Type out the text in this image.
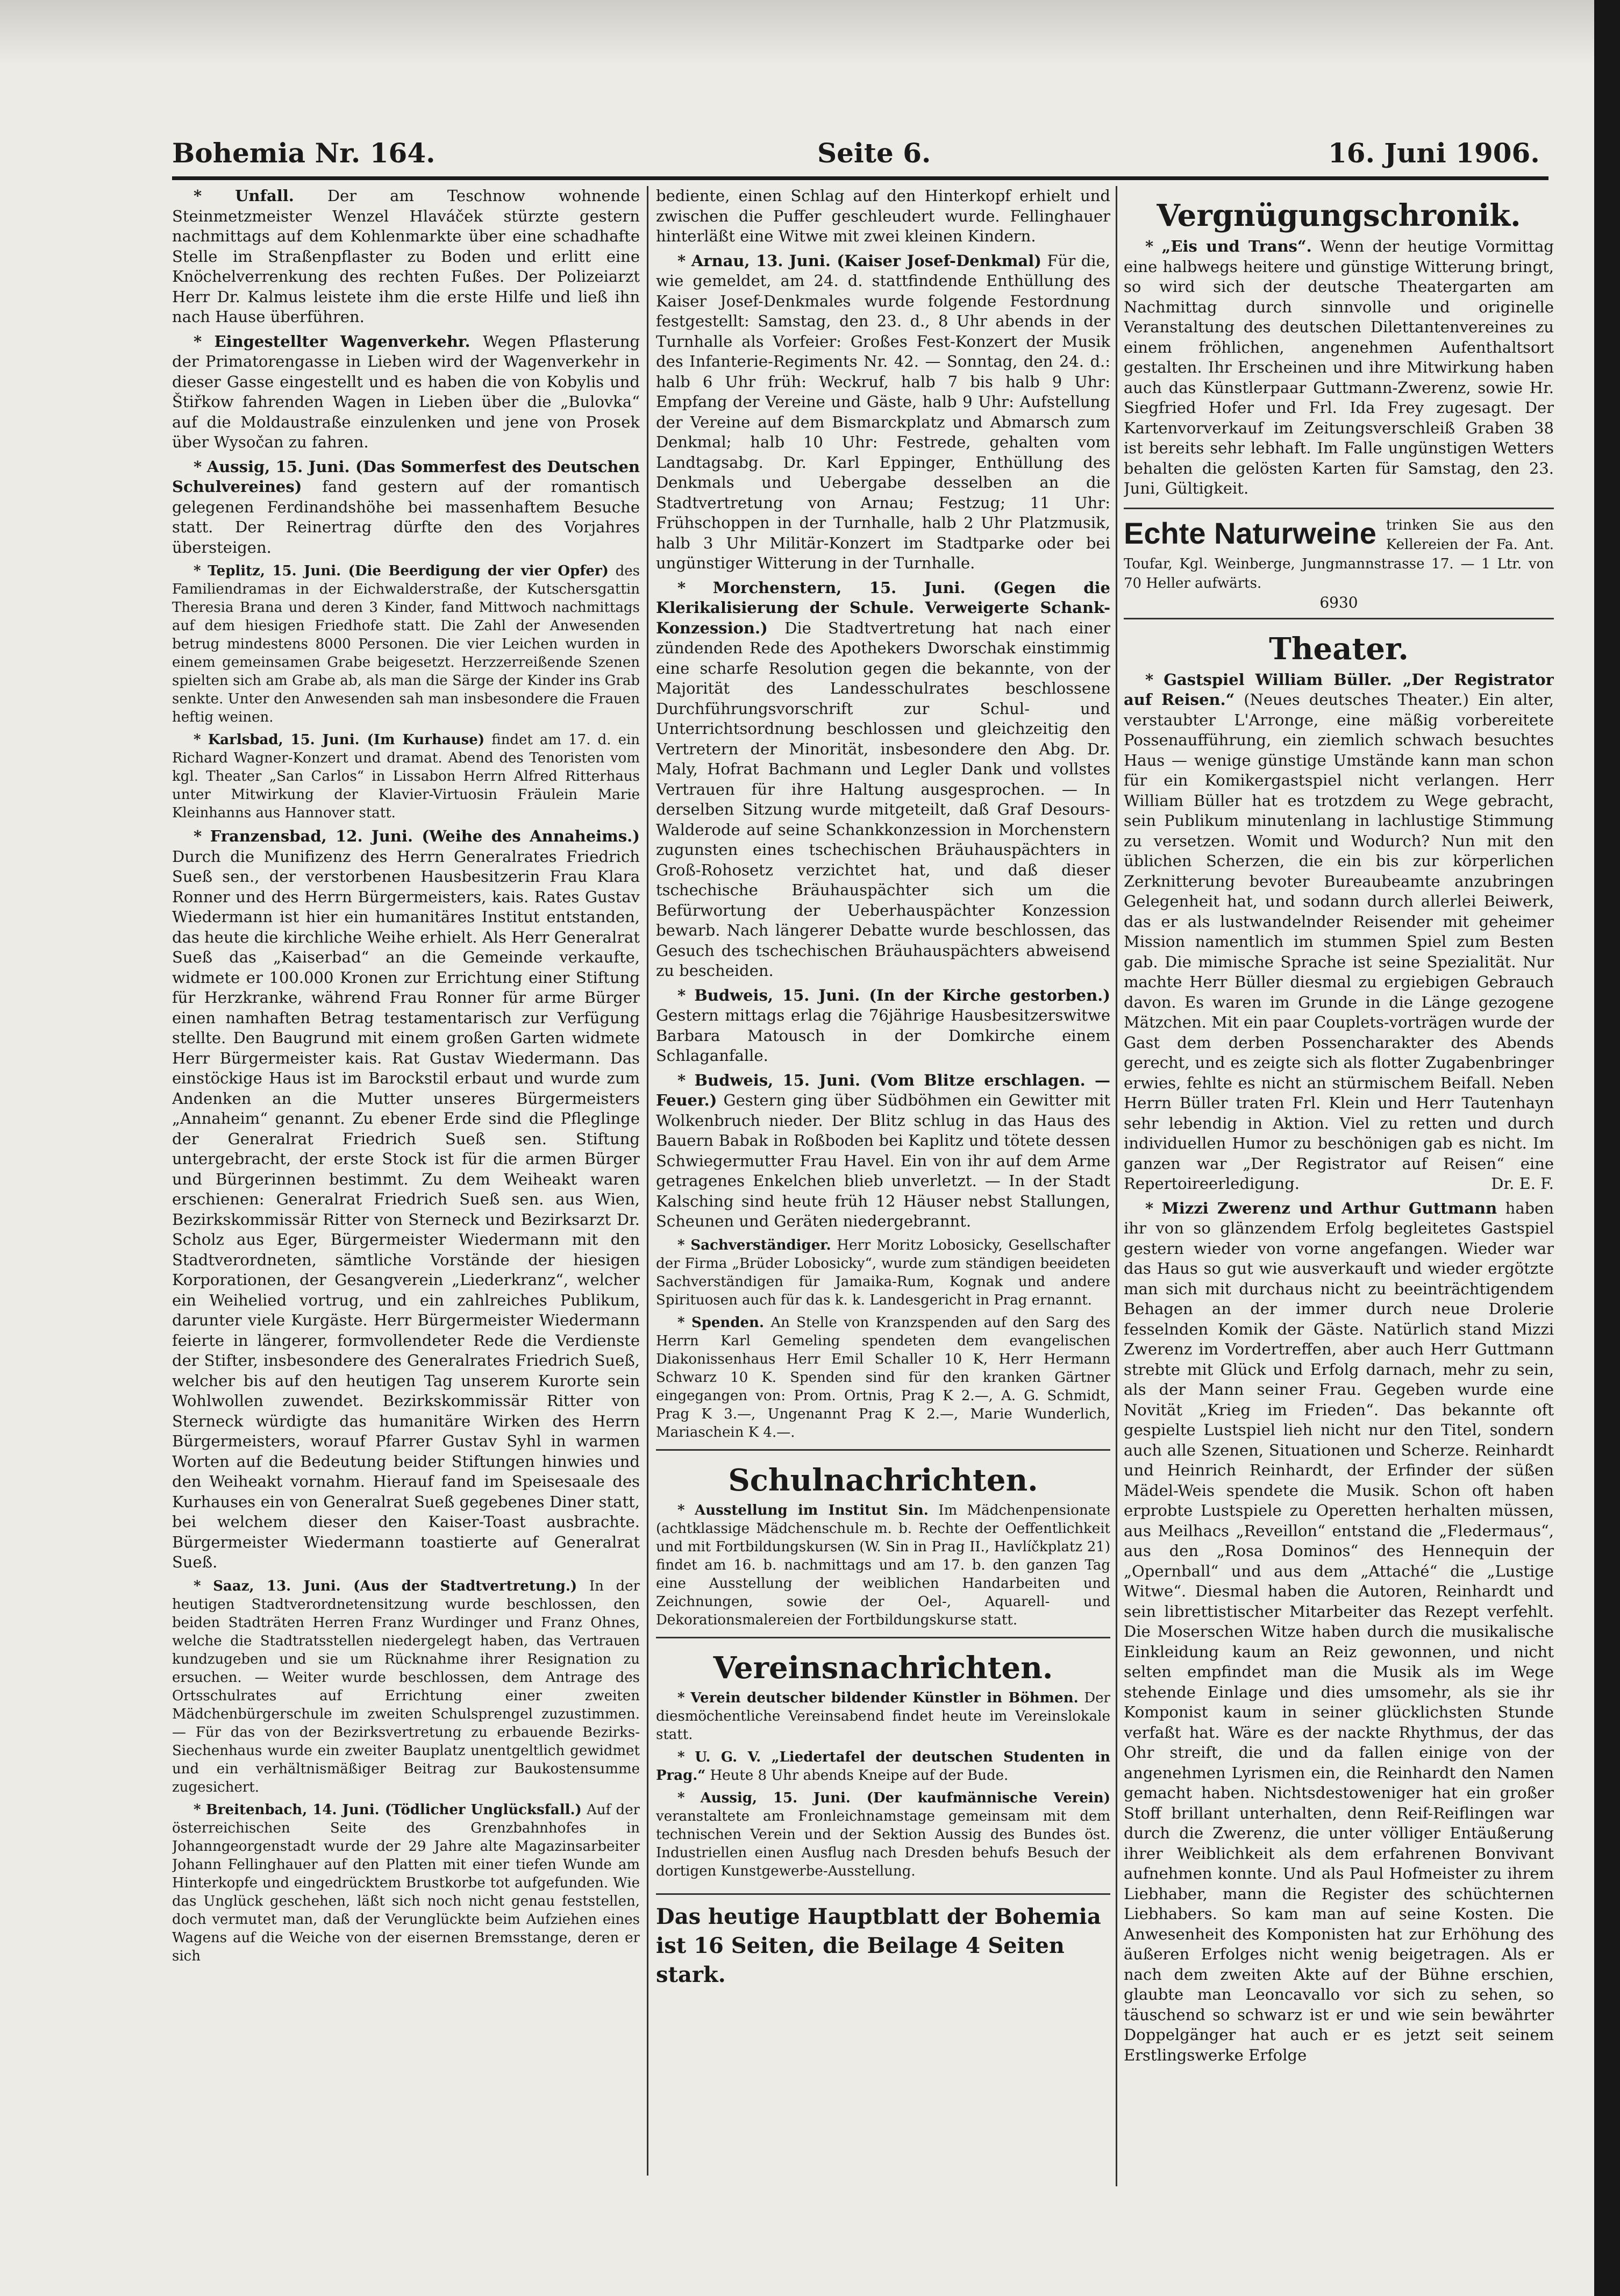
Bohemia Nr. 164.	Seite 6.	16. Juni 1906.

* Unfall. Der am Teschnow wohnende Steinmetzmeister Wenzel Hlaváček stürzte gestern nachmittags auf dem Kohlenmarkte über eine schadhafte Stelle im Straßenpflaster zu Boden und erlitt eine Knöchelverrenkung des rechten Fußes. Der Polizeiarzt Herr Dr. Kalmus leistete ihm die erste Hilfe und ließ ihn nach Hause überführen.

* Eingestellter Wagenverkehr. Wegen Pflasterung der Primatorengasse in Lieben wird der Wagenverkehr in dieser Gasse eingestellt und es haben die von Kobylis und Štiřkow fahrenden Wagen in Lieben über die „Bulovka“ auf die Moldaustraße einzulenken und jene von Prosek über Wysočan zu fahren.

* Aussig, 15. Juni. (Das Sommerfest des Deutschen Schulvereines) fand gestern auf der romantisch gelegenen Ferdinandshöhe bei massenhaftem Besuche statt. Der Reinertrag dürfte den des Vorjahres übersteigen.

* Teplitz, 15. Juni. (Die Beerdigung der vier Opfer) des Familiendramas in der Eichwalderstraße, der Kutschersgattin Theresia Brana und deren 3 Kinder, fand Mittwoch nachmittags auf dem hiesigen Friedhofe statt. Die Zahl der Anwesenden betrug mindestens 8000 Personen. Die vier Leichen wurden in einem gemeinsamen Grabe beigesetzt. Herzzerreißende Szenen spielten sich am Grabe ab, als man die Särge der Kinder ins Grab senkte. Unter den Anwesenden sah man insbesondere die Frauen heftig weinen.

* Karlsbad, 15. Juni. (Im Kurhause) findet am 17. d. ein Richard Wagner-Konzert und dramat. Abend des Tenoristen vom kgl. Theater „San Carlos“ in Lissabon Herrn Alfred Ritterhaus unter Mitwirkung der Klavier-Virtuosin Fräulein Marie Kleinhanns aus Hannover statt.

* Franzensbad, 12. Juni. (Weihe des Annaheims.) Durch die Munifizenz des Herrn Generalrates Friedrich Sueß sen., der verstorbenen Hausbesitzerin Frau Klara Ronner und des Herrn Bürgermeisters, kais. Rates Gustav Wiedermann ist hier ein humanitäres Institut entstanden, das heute die kirchliche Weihe erhielt. Als Herr Generalrat Sueß das „Kaiserbad“ an die Gemeinde verkaufte, widmete er 100.000 Kronen zur Errichtung einer Stiftung für Herzkranke, während Frau Ronner für arme Bürger einen namhaften Betrag testamentarisch zur Verfügung stellte. Den Baugrund mit einem großen Garten widmete Herr Bürgermeister kais. Rat Gustav Wiedermann. Das einstöckige Haus ist im Barockstil erbaut und wurde zum Andenken an die Mutter unseres Bürgermeisters „Annaheim“ genannt. Zu ebener Erde sind die Pfleglinge der Generalrat Friedrich Sueß sen. Stiftung untergebracht, der erste Stock ist für die armen Bürger und Bürgerinnen bestimmt. Zu dem Weiheakt waren erschienen: Generalrat Friedrich Sueß sen. aus Wien, Bezirkskommissär Ritter von Sterneck und Bezirksarzt Dr. Scholz aus Eger, Bürgermeister Wiedermann mit den Stadtverordneten, sämtliche Vorstände der hiesigen Korporationen, der Gesangverein „Liederkranz“, welcher ein Weihelied vortrug, und ein zahlreiches Publikum, darunter viele Kurgäste. Herr Bürgermeister Wiedermann feierte in längerer, formvollendeter Rede die Verdienste der Stifter, insbesondere des Generalrates Friedrich Sueß, welcher bis auf den heutigen Tag unserem Kurorte sein Wohlwollen zuwendet. Bezirkskommissär Ritter von Sterneck würdigte das humanitäre Wirken des Herrn Bürgermeisters, worauf Pfarrer Gustav Syhl in warmen Worten auf die Bedeutung beider Stiftungen hinwies und den Weiheakt vornahm. Hierauf fand im Speisesaale des Kurhauses ein von Generalrat Sueß gegebenes Diner statt, bei welchem dieser den Kaiser-Toast ausbrachte. Bürgermeister Wiedermann toastierte auf Generalrat Sueß.

* Saaz, 13. Juni. (Aus der Stadtvertretung.) In der heutigen Stadtverordnetensitzung wurde beschlossen, den beiden Stadträten Herren Franz Wurdinger und Franz Ohnes, welche die Stadtratsstellen niedergelegt haben, das Vertrauen kundzugeben und sie um Rücknahme ihrer Resignation zu ersuchen. — Weiter wurde beschlossen, dem Antrage des Ortsschulrates auf Errichtung einer zweiten Mädchenbürgerschule im zweiten Schulsprengel zuzustimmen. — Für das von der Bezirksvertretung zu erbauende Bezirks-Siechenhaus wurde ein zweiter Bauplatz unentgeltlich gewidmet und ein verhältnismäßiger Beitrag zur Baukostensumme zugesichert.

* Breitenbach, 14. Juni. (Tödlicher Unglücksfall.) Auf der österreichischen Seite des Grenzbahnhofes in Johanngeorgenstadt wurde der 29 Jahre alte Magazinsarbeiter Johann Fellinghauer auf den Platten mit einer tiefen Wunde am Hinterkopfe und eingedrücktem Brustkorbe tot aufgefunden. Wie das Unglück geschehen, läßt sich noch nicht genau feststellen, doch vermutet man, daß der Verunglückte beim Aufziehen eines Wagens auf die Weiche von der eisernen Bremsstange, deren er sich

bediente, einen Schlag auf den Hinterkopf erhielt und zwischen die Puffer geschleudert wurde. Fellinghauer hinterläßt eine Witwe mit zwei kleinen Kindern.

* Arnau, 13. Juni. (Kaiser Josef-Denkmal) Für die, wie gemeldet, am 24. d. stattfindende Enthüllung des Kaiser Josef-Denkmales wurde folgende Festordnung festgestellt: Samstag, den 23. d., 8 Uhr abends in der Turnhalle als Vorfeier: Großes Fest-Konzert der Musik des Infanterie-Regiments Nr. 42. — Sonntag, den 24. d.: halb 6 Uhr früh: Weckruf, halb 7 bis halb 9 Uhr: Empfang der Vereine und Gäste, halb 9 Uhr: Aufstellung der Vereine auf dem Bismarckplatz und Abmarsch zum Denkmal; halb 10 Uhr: Festrede, gehalten vom Landtagsabg. Dr. Karl Eppinger, Enthüllung des Denkmals und Uebergabe desselben an die Stadtvertretung von Arnau; Festzug; 11 Uhr: Frühschoppen in der Turnhalle, halb 2 Uhr Platzmusik, halb 3 Uhr Militär-Konzert im Stadtparke oder bei ungünstiger Witterung in der Turnhalle.

* Morchenstern, 15. Juni. (Gegen die Klerikalisierung der Schule. Verweigerte Schank-Konzession.) Die Stadtvertretung hat nach einer zündenden Rede des Apothekers Dworschak einstimmig eine scharfe Resolution gegen die bekannte, von der Majorität des Landesschulrates beschlossene Durchführungsvorschrift zur Schul- und Unterrichtsordnung beschlossen und gleichzeitig den Vertretern der Minorität, insbesondere den Abg. Dr. Maly, Hofrat Bachmann und Legler Dank und vollstes Vertrauen für ihre Haltung ausgesprochen. — In derselben Sitzung wurde mitgeteilt, daß Graf Desours-Walderode auf seine Schankkonzession in Morchenstern zugunsten eines tschechischen Bräuhauspächters in Groß-Rohosetz verzichtet hat, und daß dieser tschechische Bräuhauspächter sich um die Befürwortung der Ueberhauspächter Konzession bewarb. Nach längerer Debatte wurde beschlossen, das Gesuch des tschechischen Bräuhauspächters abweisend zu bescheiden.

* Budweis, 15. Juni. (In der Kirche gestorben.) Gestern mittags erlag die 76jährige Hausbesitzerswitwe Barbara Matousch in der Domkirche einem Schlaganfalle.

* Budweis, 15. Juni. (Vom Blitze erschlagen. — Feuer.) Gestern ging über Südböhmen ein Gewitter mit Wolkenbruch nieder. Der Blitz schlug in das Haus des Bauern Babak in Roßboden bei Kaplitz und tötete dessen Schwiegermutter Frau Havel. Ein von ihr auf dem Arme getragenes Enkelchen blieb unverletzt. — In der Stadt Kalsching sind heute früh 12 Häuser nebst Stallungen, Scheunen und Geräten niedergebrannt.

* Sachverständiger. Herr Moritz Lobosicky, Gesellschafter der Firma „Brüder Lobosicky“, wurde zum ständigen beeideten Sachverständigen für Jamaika-Rum, Kognak und andere Spirituosen auch für das k. k. Landesgericht in Prag ernannt.

* Spenden. An Stelle von Kranzspenden auf den Sarg des Herrn Karl Gemeling spendeten dem evangelischen Diakonissenhaus Herr Emil Schaller 10 K, Herr Hermann Schwarz 10 K. Spenden sind für den kranken Gärtner eingegangen von: Prom. Ortnis, Prag K 2.—, A. G. Schmidt, Prag K 3.—, Ungenannt Prag K 2.—, Marie Wunderlich, Mariaschein K 4.—.

Schulnachrichten.

* Ausstellung im Institut Sin. Im Mädchenpensionate (achtklassige Mädchenschule m. b. Rechte der Oeffentlichkeit und mit Fortbildungskursen (W. Sin in Prag II., Havlíčkplatz 21) findet am 16. b. nachmittags und am 17. b. den ganzen Tag eine Ausstellung der weiblichen Handarbeiten und Zeichnungen, sowie der Oel-, Aquarell- und Dekorationsmalereien der Fortbildungskurse statt.

Vereinsnachrichten.

* Verein deutscher bildender Künstler in Böhmen. Der diesmöchentliche Vereinsabend findet heute im Vereinslokale statt.

* U. G. V. „Liedertafel der deutschen Studenten in Prag.“ Heute 8 Uhr abends Kneipe auf der Bude.

* Aussig, 15. Juni. (Der kaufmännische Verein) veranstaltete am Fronleichnamstage gemeinsam mit dem technischen Verein und der Sektion Aussig des Bundes öst. Industriellen einen Ausflug nach Dresden behufs Besuch der dortigen Kunstgewerbe-Ausstellung.

Das heutige Hauptblatt der Bohemia ist 16 Seiten, die Beilage 4 Seiten stark.
Vergnügungschronik.

* „Eis und Trans“. Wenn der heutige Vormittag eine halbwegs heitere und günstige Witterung bringt, so wird sich der deutsche Theatergarten am Nachmittag durch sinnvolle und originelle Veranstaltung des deutschen Dilettantenvereines zu einem fröhlichen, angenehmen Aufenthaltsort gestalten. Ihr Erscheinen und ihre Mitwirkung haben auch das Künstlerpaar Guttmann-Zwerenz, sowie Hr. Siegfried Hofer und Frl. Ida Frey zugesagt. Der Kartenvorverkauf im Zeitungsverschleiß Graben 38 ist bereits sehr lebhaft. Im Falle ungünstigen Wetters behalten die gelösten Karten für Samstag, den 23. Juni, Gültigkeit.

Echte Naturweine trinken Sie aus den Kellereien der Fa. Ant. Toufar, Kgl. Weinberge, Jungmannstrasse 17. — 1 Ltr. von 70 Heller aufwärts.
6930
Theater.

* Gastspiel William Büller. „Der Registrator auf Reisen.“ (Neues deutsches Theater.) Ein alter, verstaubter L'Arronge, eine mäßig vorbereitete Possenaufführung, ein ziemlich schwach besuchtes Haus — wenige günstige Umstände kann man schon für ein Komikergastspiel nicht verlangen. Herr William Büller hat es trotzdem zu Wege gebracht, sein Publikum minutenlang in lachlustige Stimmung zu versetzen. Womit und Wodurch? Nun mit den üblichen Scherzen, die ein bis zur körperlichen Zerknitterung bevoter Bureaubeamte anzubringen Gelegenheit hat, und sodann durch allerlei Beiwerk, das er als lustwandelnder Reisender mit geheimer Mission namentlich im stummen Spiel zum Besten gab. Die mimische Sprache ist seine Spezialität. Nur machte Herr Büller diesmal zu ergiebigen Gebrauch davon. Es waren im Grunde in die Länge gezogene Mätzchen. Mit ein paar Couplets-vorträgen wurde der Gast dem derben Possencharakter des Abends gerecht, und es zeigte sich als flotter Zugabenbringer erwies, fehlte es nicht an stürmischem Beifall. Neben Herrn Büller traten Frl. Klein und Herr Tautenhayn sehr lebendig in Aktion. Viel zu retten und durch individuellen Humor zu beschönigen gab es nicht. Im ganzen war „Der Registrator auf Reisen“ eine Repertoireerledigung.	Dr. E. F.

* Mizzi Zwerenz und Arthur Guttmann haben ihr von so glänzendem Erfolg begleitetes Gastspiel gestern wieder von vorne angefangen. Wieder war das Haus so gut wie ausverkauft und wieder ergötzte man sich mit durchaus nicht zu beeinträchtigendem Behagen an der immer durch neue Drolerie fesselnden Komik der Gäste. Natürlich stand Mizzi Zwerenz im Vordertreffen, aber auch Herr Guttmann strebte mit Glück und Erfolg darnach, mehr zu sein, als der Mann seiner Frau. Gegeben wurde eine Novität „Krieg im Frieden“. Das bekannte oft gespielte Lustspiel lieh nicht nur den Titel, sondern auch alle Szenen, Situationen und Scherze. Reinhardt und Heinrich Reinhardt, der Erfinder der süßen Mädel-Weis spendete die Musik. Schon oft haben erprobte Lustspiele zu Operetten herhalten müssen, aus Meilhacs „Reveillon“ entstand die „Fledermaus“, aus den „Rosa Dominos“ des Hennequin der „Opernball“ und aus dem „Attaché“ die „Lustige Witwe“. Diesmal haben die Autoren, Reinhardt und sein librettistischer Mitarbeiter das Rezept verfehlt. Die Moserschen Witze haben durch die musikalische Einkleidung kaum an Reiz gewonnen, und nicht selten empfindet man die Musik als im Wege stehende Einlage und dies umsomehr, als sie ihr Komponist kaum in seiner glücklichsten Stunde verfaßt hat. Wäre es der nackte Rhythmus, der das Ohr streift, die und da fallen einige von der angenehmen Lyrismen ein, die Reinhardt den Namen gemacht haben. Nichtsdestoweniger hat ein großer Stoff brillant unterhalten, denn Reif-Reiflingen war durch die Zwerenz, die unter völliger Entäußerung ihrer Weiblichkeit als dem erfahrenen Bonvivant aufnehmen konnte. Und als Paul Hofmeister zu ihrem Liebhaber, mann die Register des schüchternen Liebhabers. So kam man auf seine Kosten. Die Anwesenheit des Komponisten hat zur Erhöhung des äußeren Erfolges nicht wenig beigetragen. Als er nach dem zweiten Akte auf der Bühne erschien, glaubte man Leoncavallo vor sich zu sehen, so täuschend so schwarz ist er und wie sein bewährter Doppelgänger hat auch er es jetzt seit seinem Erstlingswerke Erfolge
